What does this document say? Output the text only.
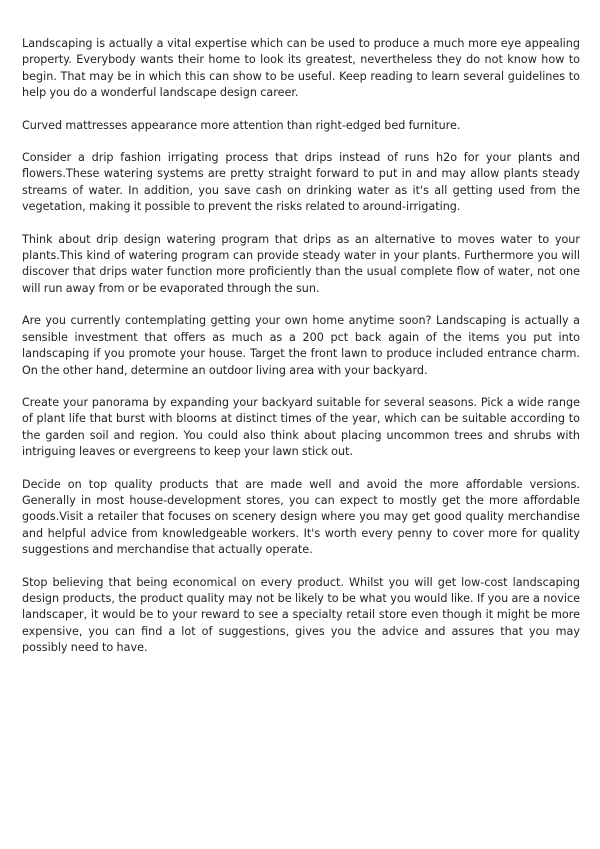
Landscaping is actually a vital expertise which can be used to produce a much more eye appealing property. Everybody wants their home to look its greatest, nevertheless they do not know how to begin. That may be in which this can show to be useful. Keep reading to learn several guidelines to help you do a wonderful landscape design career.

Curved mattresses appearance more attention than right-edged bed furniture.

Consider a drip fashion irrigating process that drips instead of runs h2o for your plants and flowers.These watering systems are pretty straight forward to put in and may allow plants steady streams of water. In addition, you save cash on drinking water as it's all getting used from the vegetation, making it possible to prevent the risks related to around-irrigating.

Think about drip design watering program that drips as an alternative to moves water to your plants.This kind of watering program can provide steady water in your plants. Furthermore you will discover that drips water function more proficiently than the usual complete flow of water, not one will run away from or be evaporated through the sun.

Are you currently contemplating getting your own home anytime soon? Landscaping is actually a sensible investment that offers as much as a 200 pct back again of the items you put into landscaping if you promote your house. Target the front lawn to produce included entrance charm. On the other hand, determine an outdoor living area with your backyard.

Create your panorama by expanding your backyard suitable for several seasons. Pick a wide range of plant life that burst with blooms at distinct times of the year, which can be suitable according to the garden soil and region. You could also think about placing uncommon trees and shrubs with intriguing leaves or evergreens to keep your lawn stick out.

Decide on top quality products that are made well and avoid the more affordable versions. Generally in most house-development stores, you can expect to mostly get the more affordable goods.Visit a retailer that focuses on scenery design where you may get good quality merchandise and helpful advice from knowledgeable workers. It's worth every penny to cover more for quality suggestions and merchandise that actually operate.

Stop believing that being economical on every product. Whilst you will get low-cost landscaping design products, the product quality may not be likely to be what you would like. If you are a novice landscaper, it would be to your reward to see a specialty retail store even though it might be more expensive, you can find a lot of suggestions, gives you the advice and assures that you may possibly need to have.
